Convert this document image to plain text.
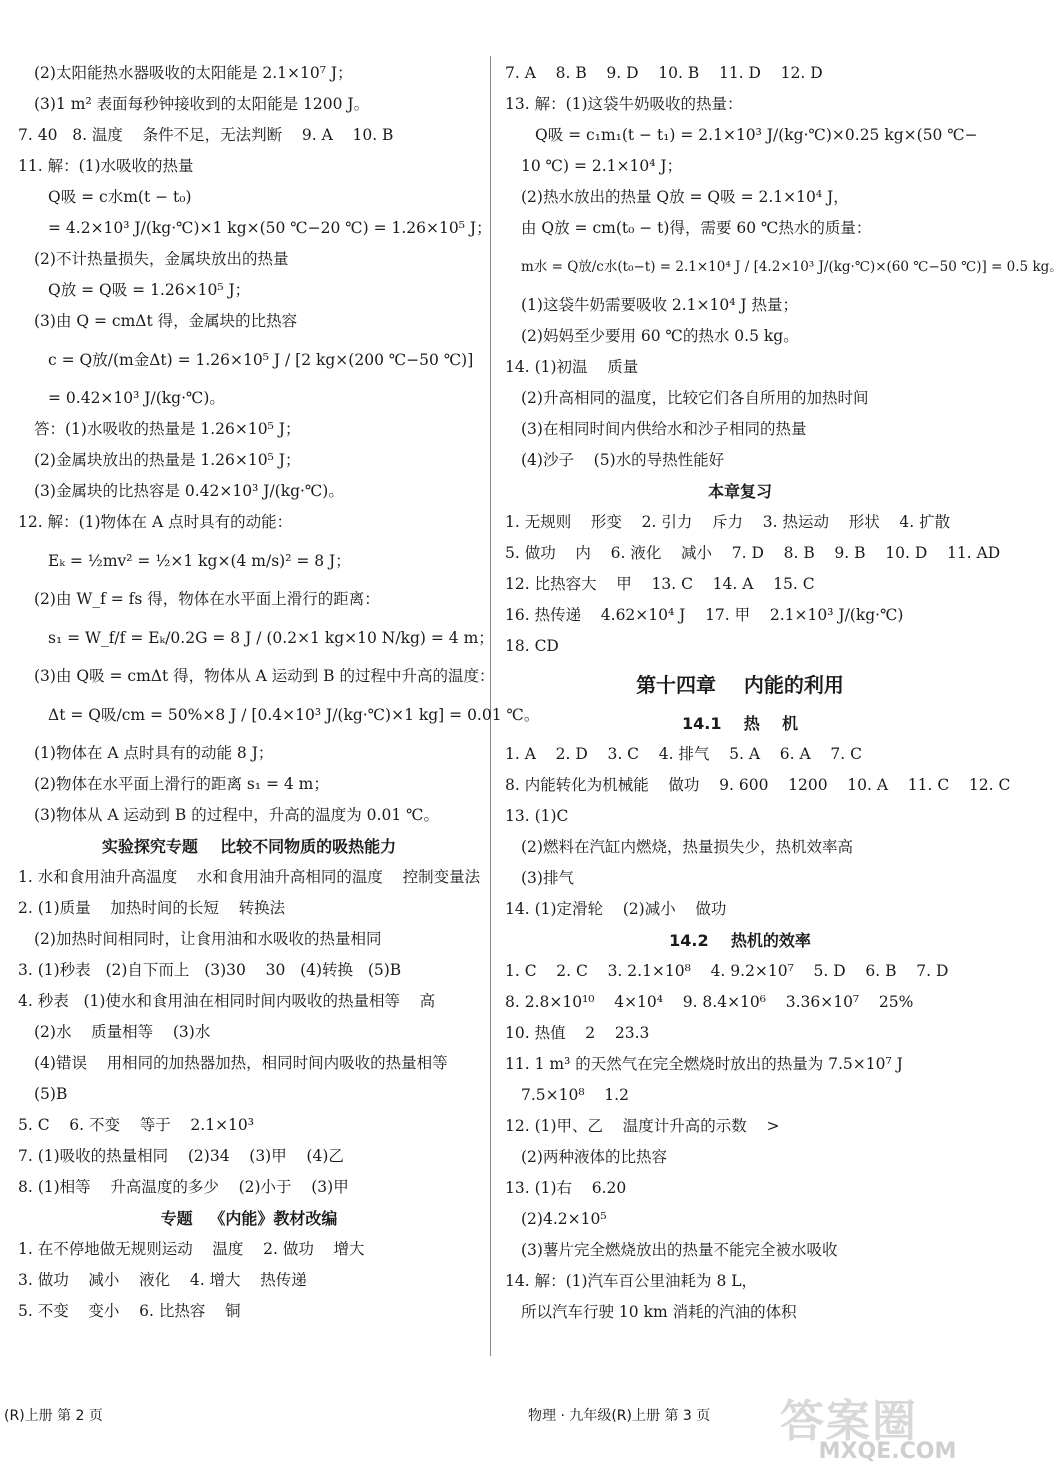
(2)太阳能热水器吸收的太阳能是 2.1×10⁷ J；
(3)1 m² 表面每秒钟接收到的太阳能是 1200 J。
7. 40   8. 温度    条件不足，无法判断    9. A    10. B
11. 解：(1)水吸收的热量
Q吸 = c水m(t − t₀)
= 4.2×10³ J/(kg·℃)×1 kg×(50 ℃−20 ℃) = 1.26×10⁵ J；
(2)不计热量损失，金属块放出的热量
Q放 = Q吸 = 1.26×10⁵ J；
(3)由 Q = cmΔt 得，金属块的比热容
c = Q放/(m金Δt) = 1.26×10⁵ J / [2 kg×(200 ℃−50 ℃)]
= 0.42×10³ J/(kg·℃)。
答：(1)水吸收的热量是 1.26×10⁵ J；
(2)金属块放出的热量是 1.26×10⁵ J；
(3)金属块的比热容是 0.42×10³ J/(kg·℃)。
12. 解：(1)物体在 A 点时具有的动能：
Eₖ = ½mv² = ½×1 kg×(4 m/s)² = 8 J；
(2)由 W_f = fs 得，物体在水平面上滑行的距离：
s₁ = W_f/f = Eₖ/0.2G = 8 J / (0.2×1 kg×10 N/kg) = 4 m；
(3)由 Q吸 = cmΔt 得，物体从 A 运动到 B 的过程中升高的温度：
Δt = Q吸/cm = 50%×8 J / [0.4×10³ J/(kg·℃)×1 kg] = 0.01 ℃。
(1)物体在 A 点时具有的动能 8 J；
(2)物体在水平面上滑行的距离 s₁ = 4 m；
(3)物体从 A 运动到 B 的过程中，升高的温度为 0.01 ℃。
实验探究专题    比较不同物质的吸热能力
1. 水和食用油升高温度    水和食用油升高相同的温度    控制变量法
2. (1)质量    加热时间的长短    转换法
(2)加热时间相同时，让食用油和水吸收的热量相同
3. (1)秒表   (2)自下而上   (3)30    30   (4)转换   (5)B
4. 秒表   (1)使水和食用油在相同时间内吸收的热量相等    高
(2)水    质量相等    (3)水
(4)错误    用相同的加热器加热，相同时间内吸收的热量相等
(5)B
5. C    6. 不变    等于    2.1×10³
7. (1)吸收的热量相同    (2)34    (3)甲    (4)乙
8. (1)相等    升高温度的多少    (2)小于    (3)甲
专题   《内能》教材改编
1. 在不停地做无规则运动    温度    2. 做功    增大
3. 做功    减小    液化    4. 增大    热传递
5. 不变    变小    6. 比热容    铜
7. A    8. B    9. D    10. B    11. D    12. D
13. 解：(1)这袋牛奶吸收的热量：
Q吸 = c₁m₁(t − t₁) = 2.1×10³ J/(kg·℃)×0.25 kg×(50 ℃−
10 ℃) = 2.1×10⁴ J；
(2)热水放出的热量 Q放 = Q吸 = 2.1×10⁴ J，
由 Q放 = cm(t₀ − t)得，需要 60 ℃热水的质量：
m水 = Q放/c水(t₀−t) = 2.1×10⁴ J / [4.2×10³ J/(kg·℃)×(60 ℃−50 ℃)] = 0.5 kg。
(1)这袋牛奶需要吸收 2.1×10⁴ J 热量；
(2)妈妈至少要用 60 ℃的热水 0.5 kg。
14. (1)初温    质量
(2)升高相同的温度，比较它们各自所用的加热时间
(3)在相同时间内供给水和沙子相同的热量
(4)沙子    (5)水的导热性能好
本章复习
1. 无规则    形变    2. 引力    斥力    3. 热运动    形状    4. 扩散
5. 做功    内    6. 液化    减小    7. D    8. B    9. B    10. D    11. AD
12. 比热容大    甲    13. C    14. A    15. C
16. 热传递    4.62×10⁴ J    17. 甲    2.1×10³ J/(kg·℃)
18. CD
第十四章    内能的利用
14.1    热    机
1. A    2. D    3. C    4. 排气    5. A    6. A    7. C
8. 内能转化为机械能    做功    9. 600    1200    10. A    11. C    12. C
13. (1)C
(2)燃料在汽缸内燃烧，热量损失少，热机效率高
(3)排气
14. (1)定滑轮    (2)减小    做功
14.2    热机的效率
1. C    2. C    3. 2.1×10⁸    4. 9.2×10⁷    5. D    6. B    7. D
8. 2.8×10¹⁰    4×10⁴    9. 8.4×10⁶    3.36×10⁷    25%
10. 热值    2    23.3
11. 1 m³ 的天然气在完全燃烧时放出的热量为 7.5×10⁷ J
7.5×10⁸    1.2
12. (1)甲、乙    温度计升高的示数    >
(2)两种液体的比热容
13. (1)右    6.20
(2)4.2×10⁵
(3)薯片完全燃烧放出的热量不能完全被水吸收
14. 解：(1)汽车百公里油耗为 8 L，
所以汽车行驶 10 km 消耗的汽油的体积
(R)上册 第 2 页	物理 · 九年级(R)上册 第 3 页 答案圈
MXQE.COM
